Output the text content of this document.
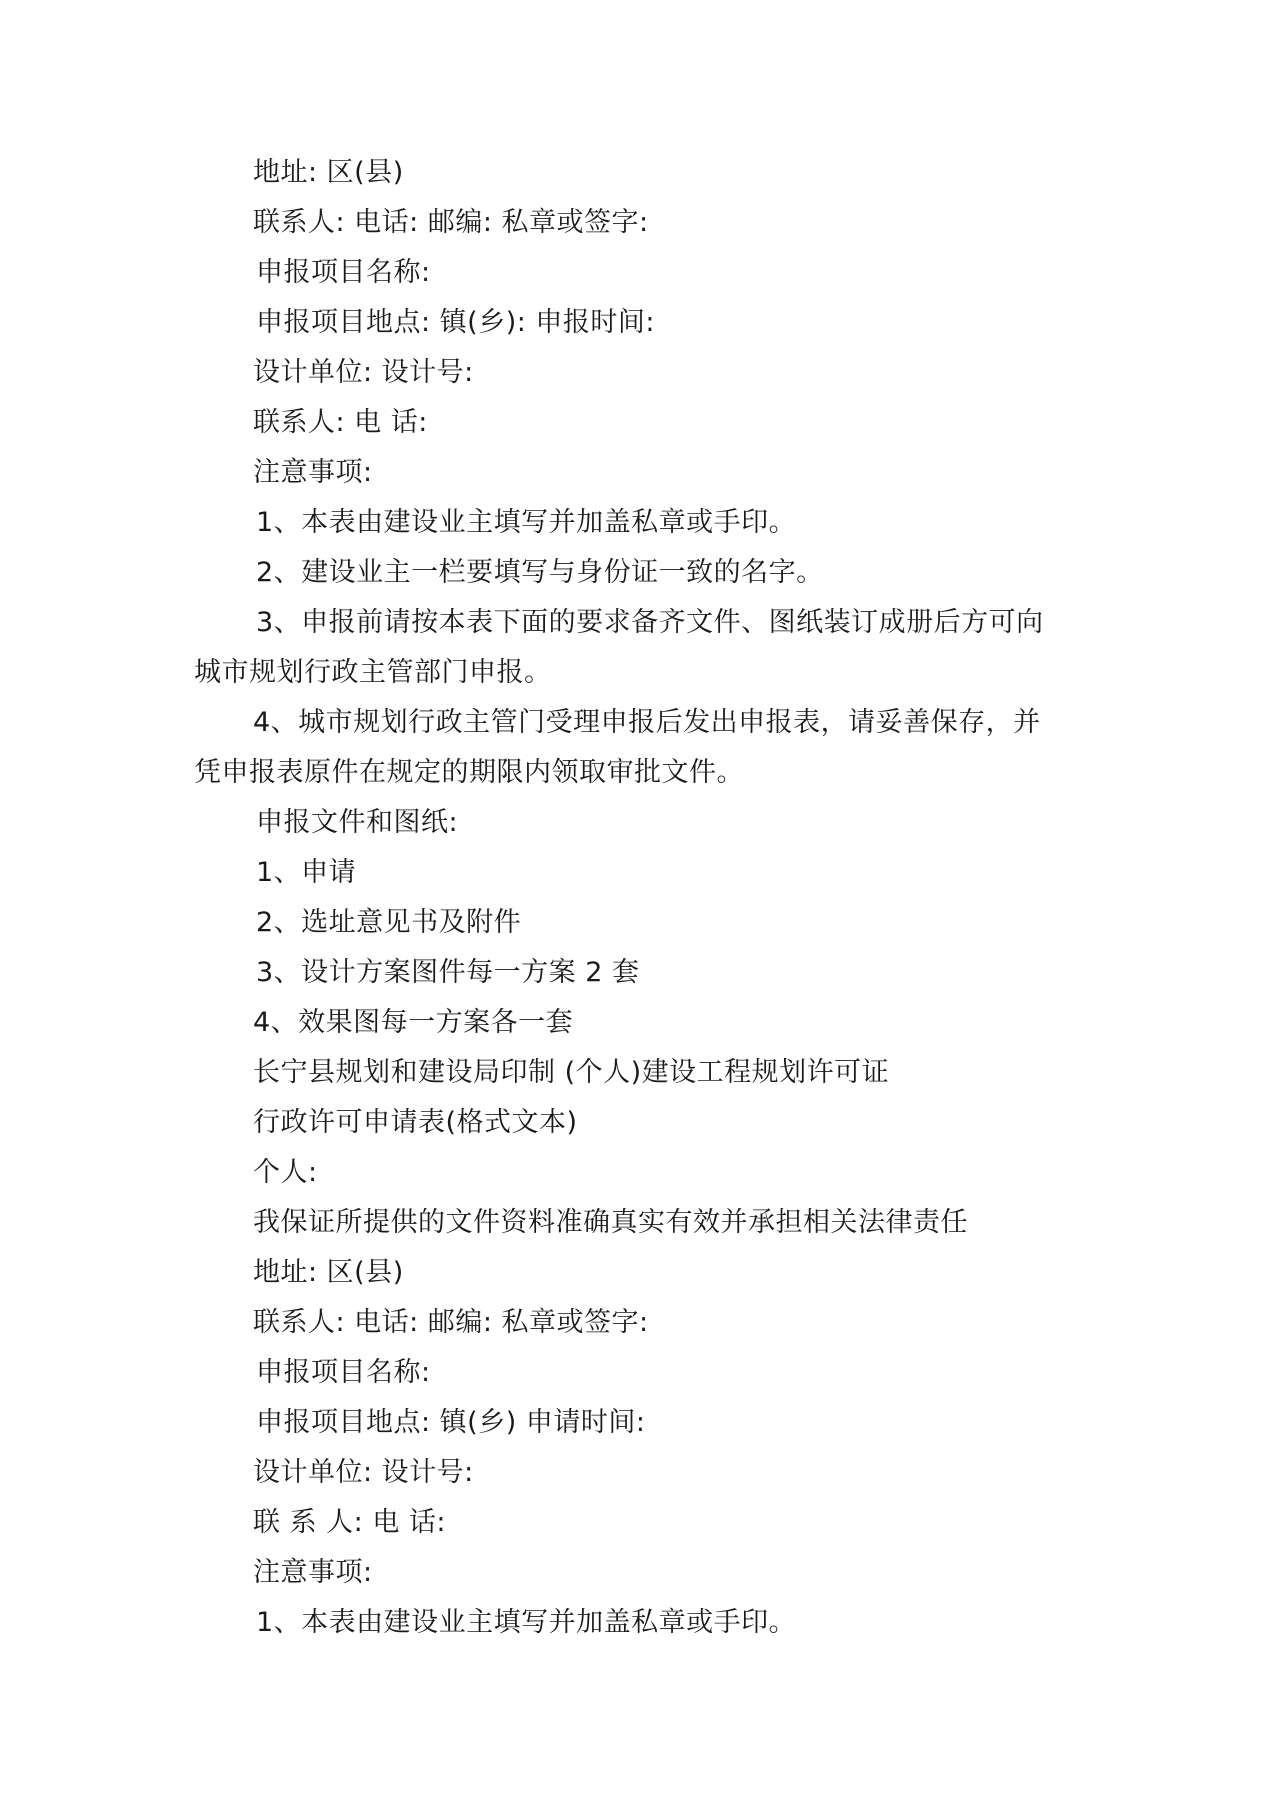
地址: 区(县)
联系人: 电话: 邮编: 私章或签字:
申报项目名称:
申报项目地点: 镇(乡): 申报时间:
设计单位: 设计号:
联系人: 电 话:
注意事项:
1、本表由建设业主填写并加盖私章或手印。
2、建设业主一栏要填写与身份证一致的名字。
3、申报前请按本表下面的要求备齐文件、图纸装订成册后方可向
城市规划行政主管部门申报。
4、城市规划行政主管门受理申报后发出申报表，请妥善保存，并
凭申报表原件在规定的期限内领取审批文件。
申报文件和图纸:
1、申请
2、选址意见书及附件
3、设计方案图件每一方案 2 套
4、效果图每一方案各一套
长宁县规划和建设局印制 (个人)建设工程规划许可证
行政许可申请表(格式文本)
个人:
我保证所提供的文件资料准确真实有效并承担相关法律责任
地址: 区(县)
联系人: 电话: 邮编: 私章或签字:
申报项目名称:
申报项目地点: 镇(乡) 申请时间:
设计单位: 设计号:
联 系 人: 电 话:
注意事项:
1、本表由建设业主填写并加盖私章或手印。
